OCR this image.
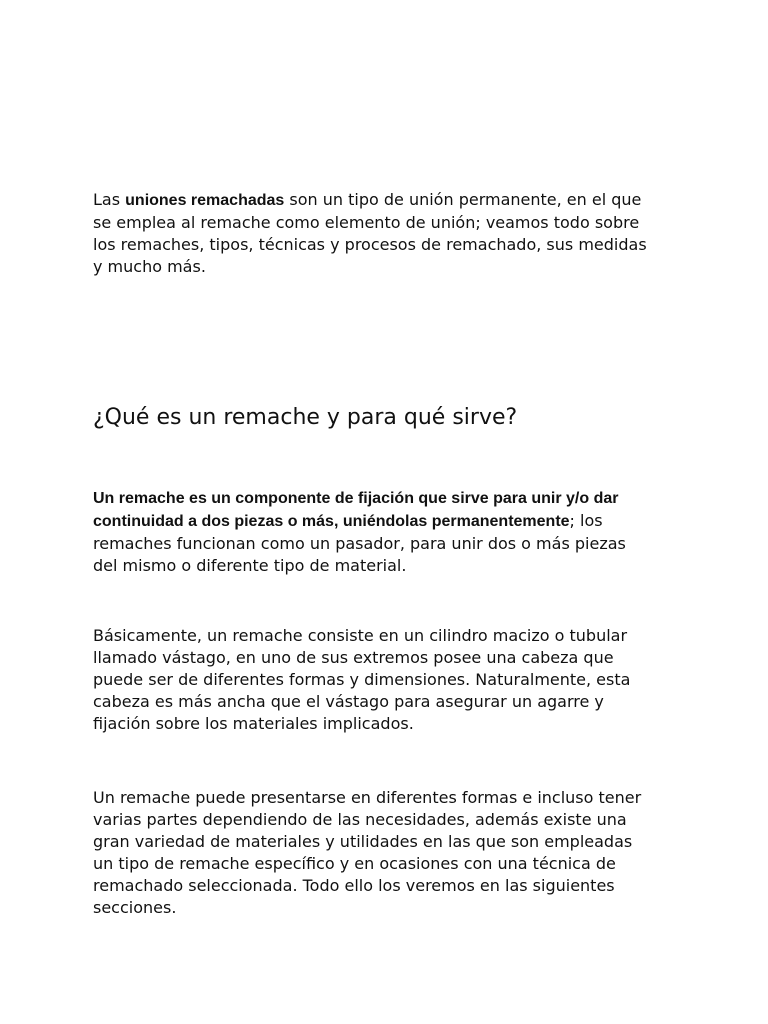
Las uniones remachadas son un tipo de unión permanente, en el que se emplea al remache como elemento de unión; veamos todo sobre los remaches, tipos, técnicas y procesos de remachado, sus medidas y mucho más.

¿Qué es un remache y para qué sirve?

Un remache es un componente de fijación que sirve para unir y/o dar continuidad a dos piezas o más, uniéndolas permanentemente; los remaches funcionan como un pasador, para unir dos o más piezas del mismo o diferente tipo de material.

Básicamente, un remache consiste en un cilindro macizo o tubular llamado vástago, en uno de sus extremos posee una cabeza que puede ser de diferentes formas y dimensiones. Naturalmente, esta cabeza es más ancha que el vástago para asegurar un agarre y fijación sobre los materiales implicados.

Un remache puede presentarse en diferentes formas e incluso tener varias partes dependiendo de las necesidades, además existe una gran variedad de materiales y utilidades en las que son empleadas un tipo de remache específico y en ocasiones con una técnica de remachado seleccionada. Todo ello los veremos en las siguientes secciones.
